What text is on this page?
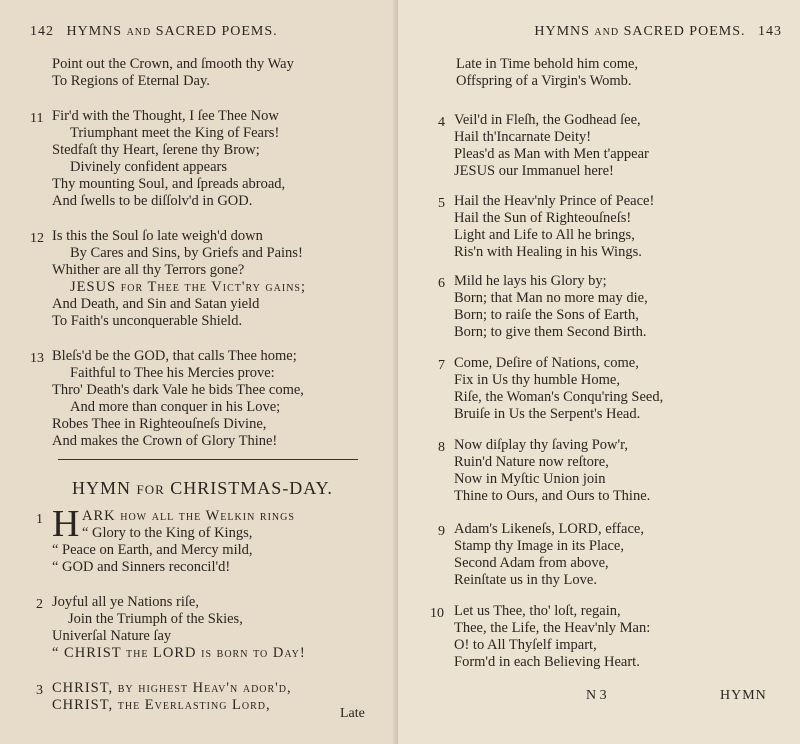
142 HYMNS and SACRED POEMS.
Point out the Crown, and ſmooth thy Way
To Regions of Eternal Day.
11 Fir'd with the Thought, I ſee Thee Now
Triumphant meet the King of Fears!
Stedfaſt thy Heart, ſerene thy Brow;
Divinely confident appears
Thy mounting Soul, and ſpreads abroad,
And ſwells to be diſſolv'd in GOD.
12 Is this the Soul ſo late weigh'd down
By Cares and Sins, by Griefs and Pains!
Whither are all thy Terrors gone?
JESUS for Thee the Vict'ry gains;
And Death, and Sin and Satan yield
To Faith's unconquerable Shield.
13 Bleſs'd be the GOD, that calls Thee home;
Faithful to Thee his Mercies prove:
Thro' Death's dark Vale he bids Thee come,
And more than conquer in his Love;
Robes Thee in Righteouſneſs Divine,
And makes the Crown of Glory Thine!
HYMN for CHRISTMAS-DAY.
1 H ARK how all the Welkin rings
“ Glory to the King of Kings,
“ Peace on Earth, and Mercy mild,
“ GOD and Sinners reconcil'd!
2 Joyful all ye Nations riſe,
Join the Triumph of the Skies,
Univerſal Nature ſay
“ CHRIST the LORD is born to Day!
3 CHRIST, by higheſt Heav'n ador'd,
CHRIST, the Everlaſting Lord,
Late
HYMNS and SACRED POEMS. 143
Late in Time behold him come,
Offspring of a Virgin's Womb.
4 Veil'd in Fleſh, the Godhead ſee,
Hail th'Incarnate Deity!
Pleas'd as Man with Men t'appear
JESUS our Immanuel here!
5 Hail the Heav'nly Prince of Peace!
Hail the Sun of Righteouſneſs!
Light and Life to All he brings,
Ris'n with Healing in his Wings.
6 Mild he lays his Glory by;
Born; that Man no more may die,
Born; to raiſe the Sons of Earth,
Born; to give them Second Birth.
7 Come, Deſire of Nations, come,
Fix in Us thy humble Home,
Riſe, the Woman's Conqu'ring Seed,
Bruiſe in Us the Serpent's Head.
8 Now diſplay thy ſaving Pow'r,
Ruin'd Nature now reſtore,
Now in Myſtic Union join
Thine to Ours, and Ours to Thine.
9 Adam's Likeneſs, LORD, efface,
Stamp thy Image in its Place,
Second Adam from above,
Reinſtate us in thy Love.
10 Let us Thee, tho' loſt, regain,
Thee, the Life, the Heav'nly Man:
O! to All Thyſelf impart,
Form'd in each Believing Heart.
N 3	HYMN
